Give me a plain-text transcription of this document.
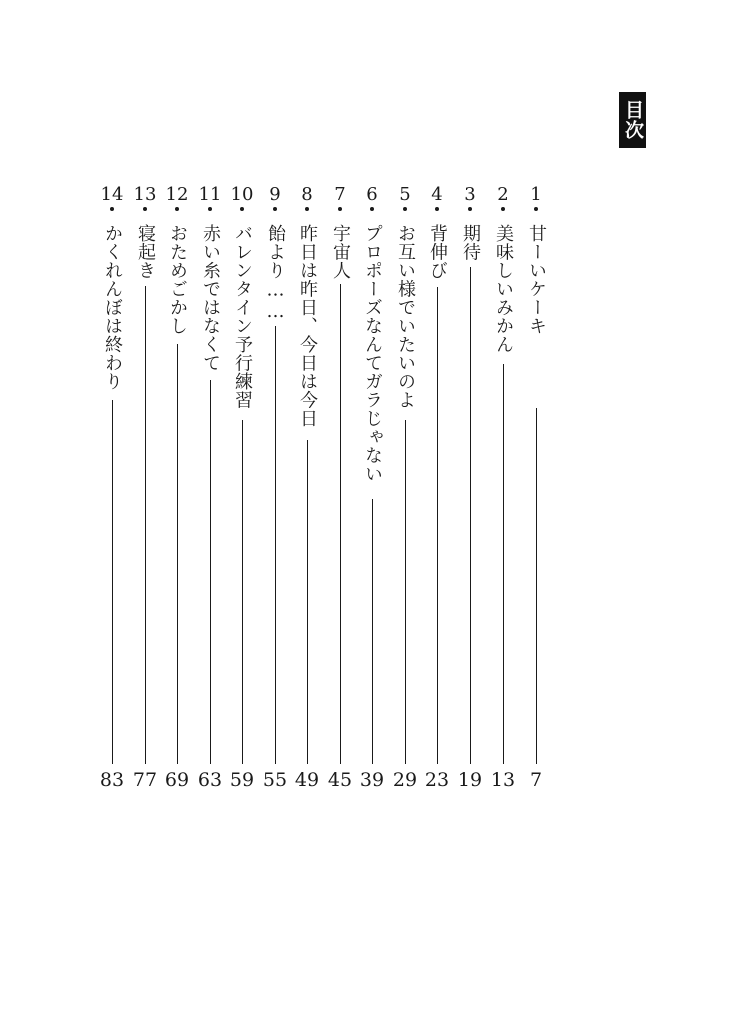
目次
1
甘ーいケーキ
7
2
美味しいみかん
13
3
期待
19
4
背伸び
23
5
お互い様でいたいのよ
29
6
プロポーズなんてガラじゃない
39
7
宇宙人
45
8
昨日は昨日、今日は今日
49
9
飴より……
55
10
バレンタイン予行練習
59
11
赤い糸ではなくて
63
12
おためごかし
69
13
寝起き
77
14
かくれんぼは終わり
83
